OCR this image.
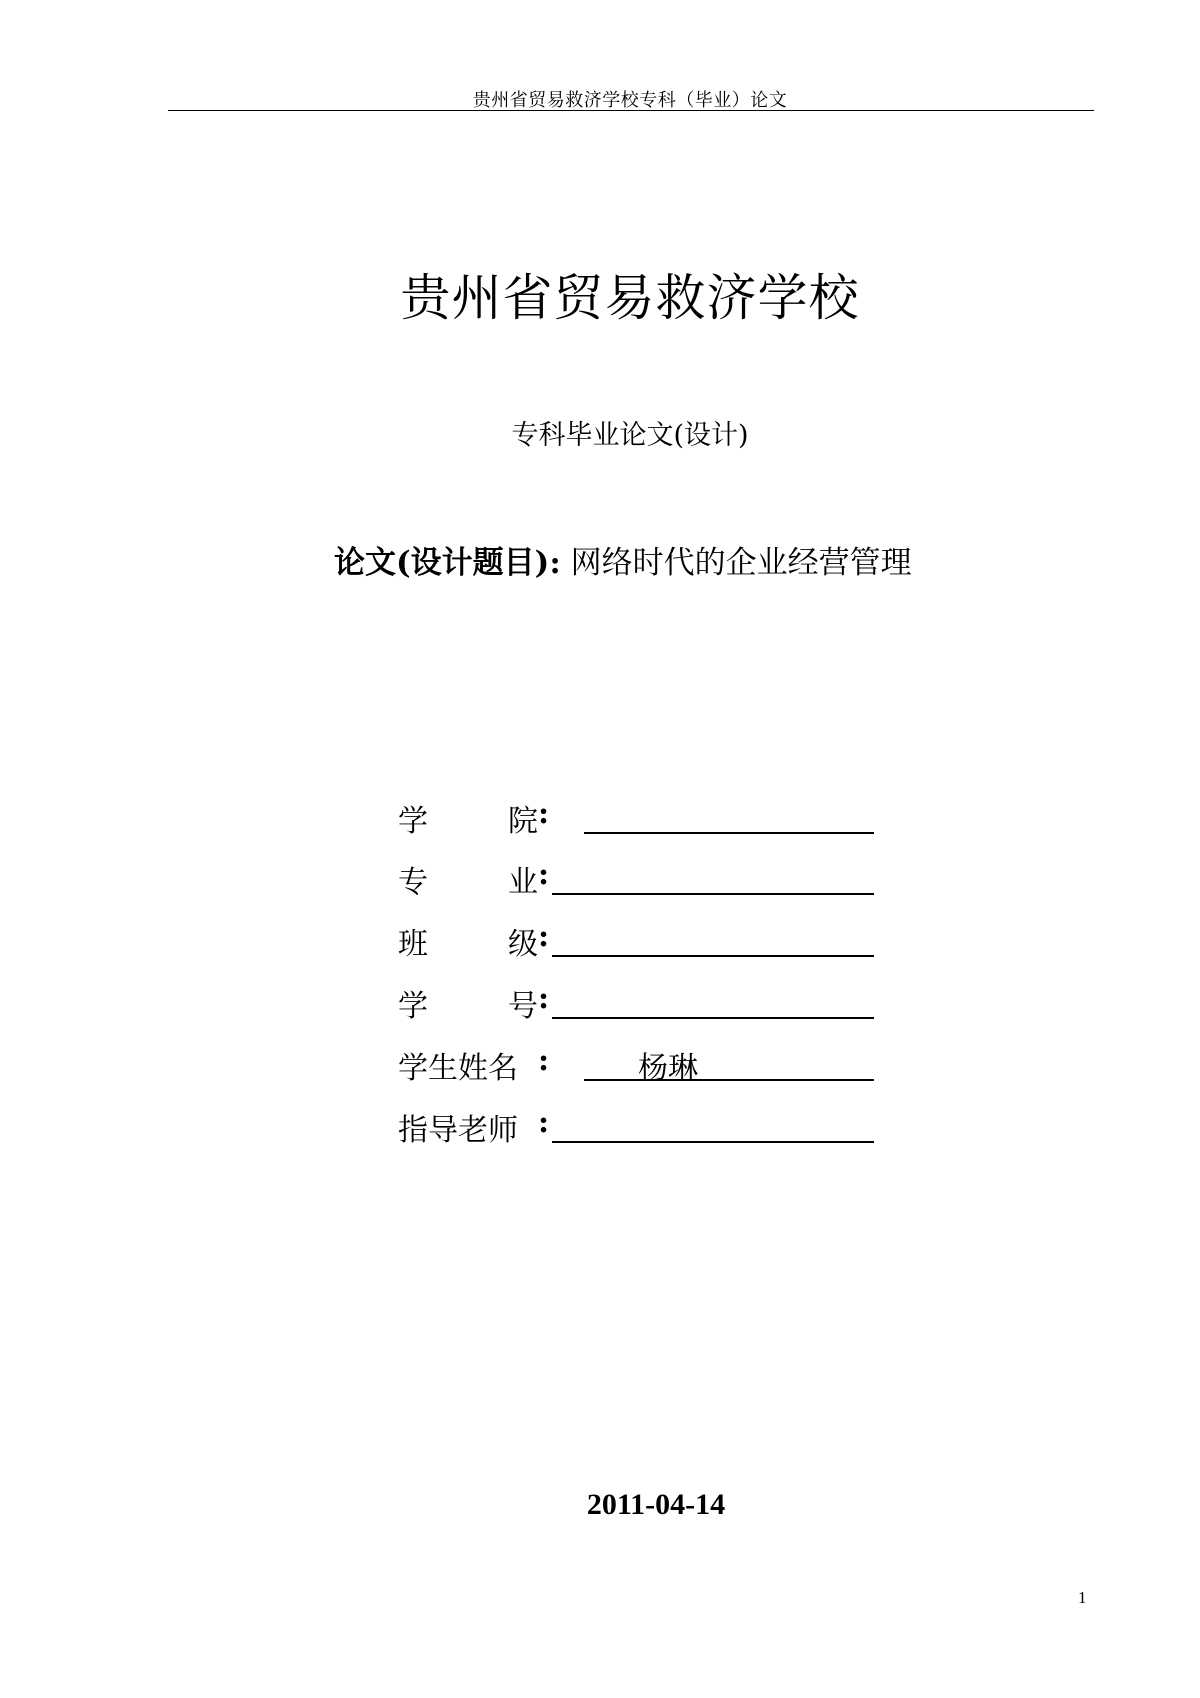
贵州省贸易救济学校专科（毕业）论文
贵州省贸易救济学校
专科毕业论文(设计)
论文(设计题目): 网络时代的企业经营管理
学	院 :
专	业 :
班	级 :
学	号 :
学生姓名 :	杨琳
指导老师 :
2011-04-14
1
